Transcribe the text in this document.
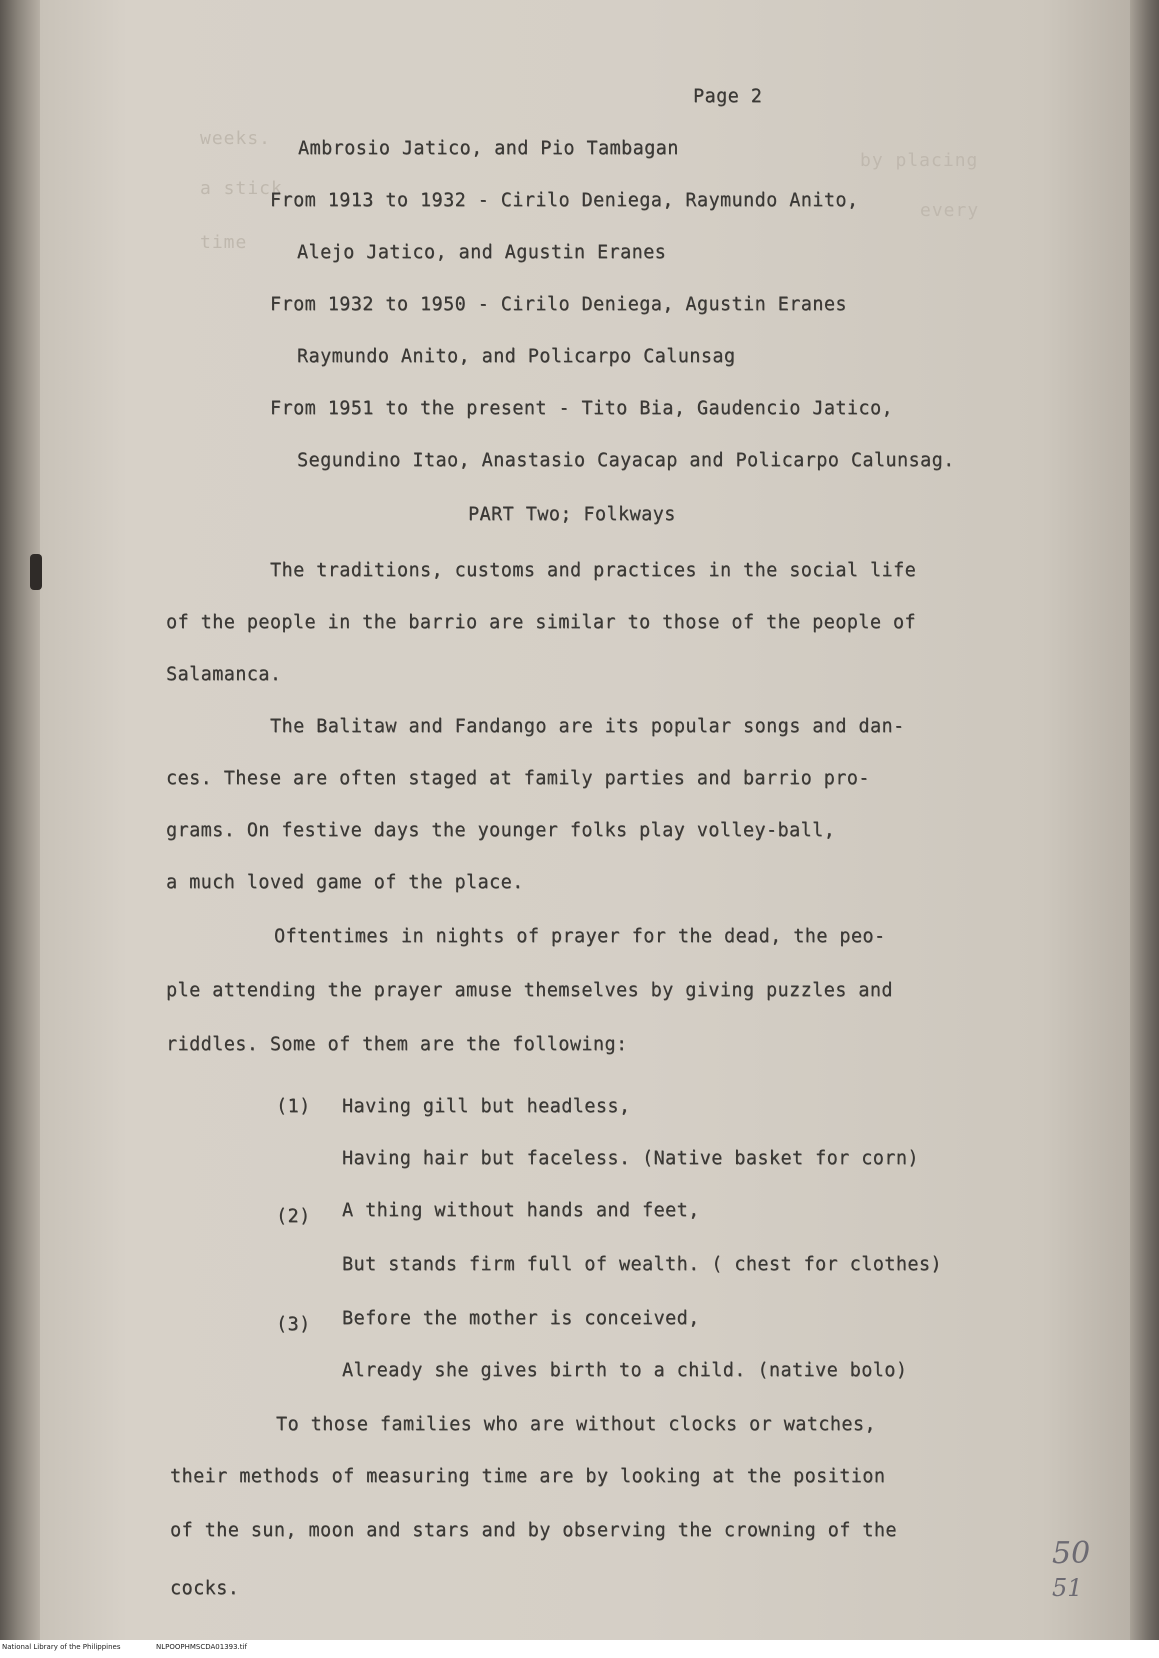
weeks.
by placing
a stick
every
time
Page 2
Ambrosio Jatico, and Pio Tambagan
From 1913 to 1932 - Cirilo Deniega, Raymundo Anito,
Alejo Jatico, and Agustin Eranes
From 1932 to 1950 - Cirilo Deniega, Agustin Eranes
Raymundo Anito, and Policarpo Calunsag
From 1951 to the present - Tito Bia, Gaudencio Jatico,
Segundino Itao, Anastasio Cayacap and Policarpo Calunsag.
PART Two; Folkways
The traditions, customs and practices in the social life
of the people in the barrio are similar to those of the people of
Salamanca.
The Balitaw and Fandango are its popular songs and dan-
ces. These are often staged at family parties and barrio pro-
grams. On festive days the younger folks play volley-ball,
a much loved game of the place.
Oftentimes in nights of prayer for the dead, the peo-
ple attending the prayer amuse themselves by giving puzzles and
riddles. Some of them are the following:
(1) Having gill but headless,
Having hair but faceless. (Native basket for corn)
(2) A thing without hands and feet,
But stands firm full of wealth. ( chest for clothes)
(3) Before the mother is conceived,
Already she gives birth to a child. (native bolo)
To those families who are without clocks or watches,
their methods of measuring time are by looking at the position
of the sun, moon and stars and by observing the crowning of the
cocks.
50
51
National Library of the Philippines	NLPOOPHMSCDA01393.tif
